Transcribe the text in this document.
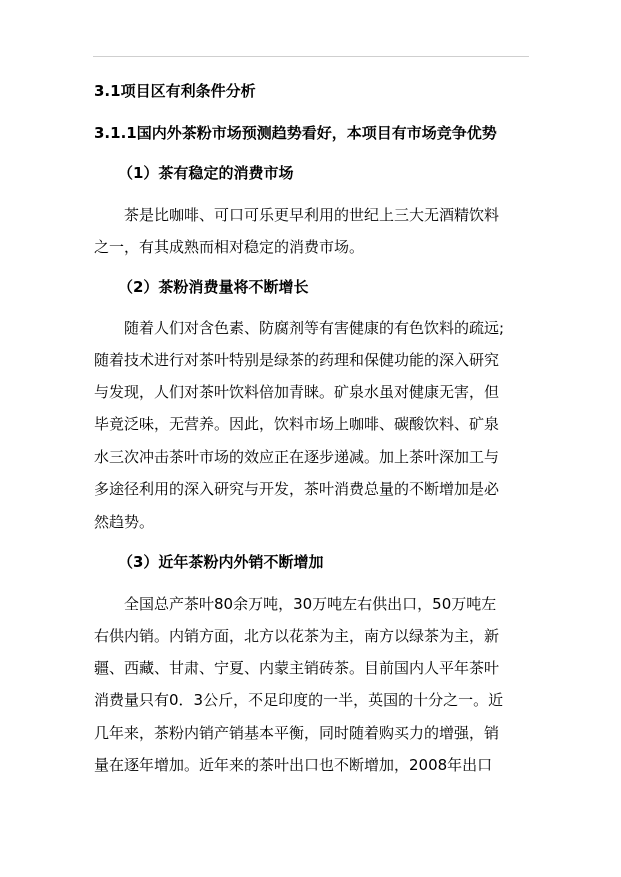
3.1项目区有利条件分析
3.1.1国内外茶粉市场预测趋势看好，本项目有市场竞争优势
（1）茶有稳定的消费市场
茶是比咖啡、可口可乐更早利用的世纪上三大无酒精饮料
之一，有其成熟而相对稳定的消费市场。
（2）茶粉消费量将不断增长
随着人们对含色素、防腐剂等有害健康的有色饮料的疏远;
随着技术进行对茶叶特别是绿茶的药理和保健功能的深入研究
与发现，人们对茶叶饮料倍加青睐。矿泉水虽对健康无害，但
毕竟泛味，无营养。因此，饮料市场上咖啡、碳酸饮料、矿泉
水三次冲击茶叶市场的效应正在逐步递减。加上茶叶深加工与
多途径利用的深入研究与开发，茶叶消费总量的不断增加是必
然趋势。
（3）近年茶粉内外销不断增加
全国总产茶叶80余万吨，30万吨左右供出口，50万吨左
右供内销。内销方面，北方以花茶为主，南方以绿茶为主，新
疆、西藏、甘肃、宁夏、内蒙主销砖茶。目前国内人平年茶叶
消费量只有0．3公斤，不足印度的一半，英国的十分之一。近
几年来，茶粉内销产销基本平衡，同时随着购买力的增强，销
量在逐年增加。近年来的茶叶出口也不断增加，2008年出口
